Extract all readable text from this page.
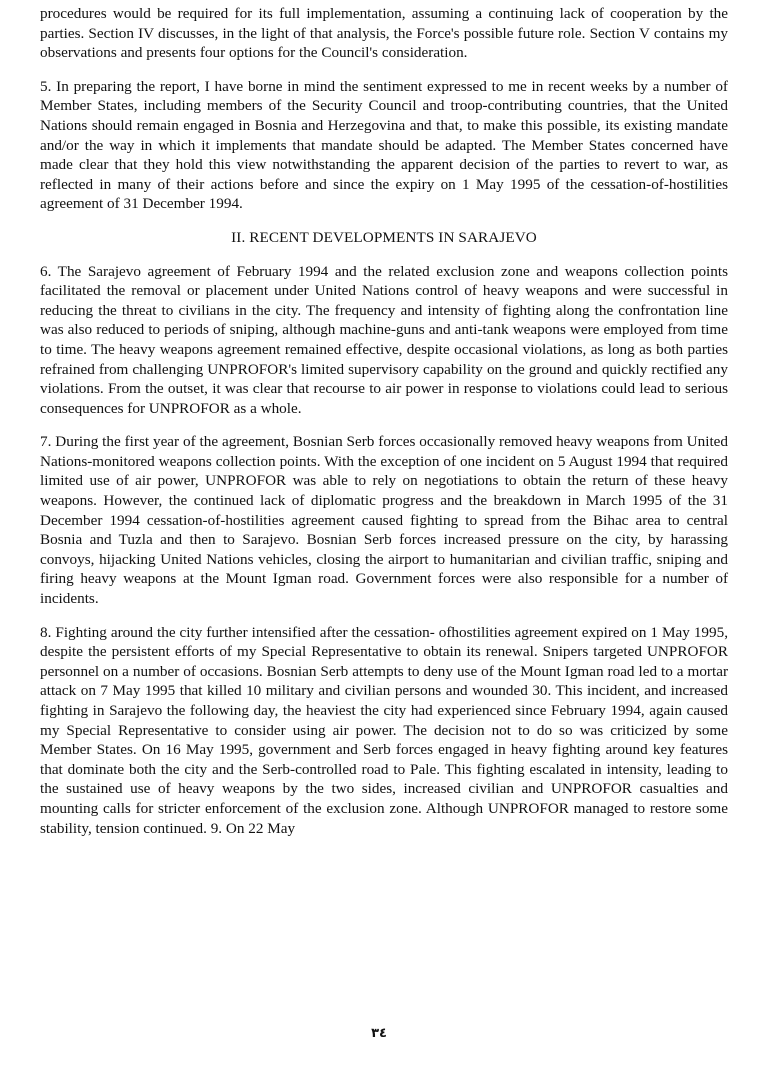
procedures would be required for its full implementation, assuming a continuing lack of cooperation by the parties. Section IV discusses, in the light of that analysis, the Force's possible future role. Section V contains my observations and presents four options for the Council's consideration.

5. In preparing the report, I have borne in mind the sentiment expressed to me in recent weeks by a number of Member States, including members of the Security Council and troop-contributing countries, that the United Nations should remain engaged in Bosnia and Herzegovina and that, to make this possible, its existing mandate and/or the way in which it implements that mandate should be adapted. The Member States concerned have made clear that they hold this view notwithstanding the apparent decision of the parties to revert to war, as reflected in many of their actions before and since the expiry on 1 May 1995 of the cessation-of-hostilities agreement of 31 December 1994.

II. RECENT DEVELOPMENTS IN SARAJEVO

6. The Sarajevo agreement of February 1994 and the related exclusion zone and weapons collection points facilitated the removal or placement under United Nations control of heavy weapons and were successful in reducing the threat to civilians in the city. The frequency and intensity of fighting along the confrontation line was also reduced to periods of sniping, although machine-guns and anti-tank weapons were employed from time to time. The heavy weapons agreement remained effective, despite occasional violations, as long as both parties refrained from challenging UNPROFOR's limited supervisory capability on the ground and quickly rectified any violations. From the outset, it was clear that recourse to air power in response to violations could lead to serious consequences for UNPROFOR as a whole.

7. During the first year of the agreement, Bosnian Serb forces occasionally removed heavy weapons from United Nations-monitored weapons collection points. With the exception of one incident on 5 August 1994 that required limited use of air power, UNPROFOR was able to rely on negotiations to obtain the return of these heavy weapons. However, the continued lack of diplomatic progress and the breakdown in March 1995 of the 31 December 1994 cessation-of-hostilities agreement caused fighting to spread from the Bihac area to central Bosnia and Tuzla and then to Sarajevo. Bosnian Serb forces increased pressure on the city, by harassing convoys, hijacking United Nations vehicles, closing the airport to humanitarian and civilian traffic, sniping and firing heavy weapons at the Mount Igman road. Government forces were also responsible for a number of incidents.

8. Fighting around the city further intensified after the cessation- ofhostilities agreement expired on 1 May 1995, despite the persistent efforts of my Special Representative to obtain its renewal. Snipers targeted UNPROFOR personnel on a number of occasions. Bosnian Serb attempts to deny use of the Mount Igman road led to a mortar attack on 7 May 1995 that killed 10 military and civilian persons and wounded 30. This incident, and increased fighting in Sarajevo the following day, the heaviest the city had experienced since February 1994, again caused my Special Representative to consider using air power. The decision not to do so was criticized by some Member States. On 16 May 1995, government and Serb forces engaged in heavy fighting around key features that dominate both the city and the Serb-controlled road to Pale. This fighting escalated in intensity, leading to the sustained use of heavy weapons by the two sides, increased civilian and UNPROFOR casualties and mounting calls for stricter enforcement of the exclusion zone. Although UNPROFOR managed to restore some stability, tension continued. 9. On 22 May

٣٤
